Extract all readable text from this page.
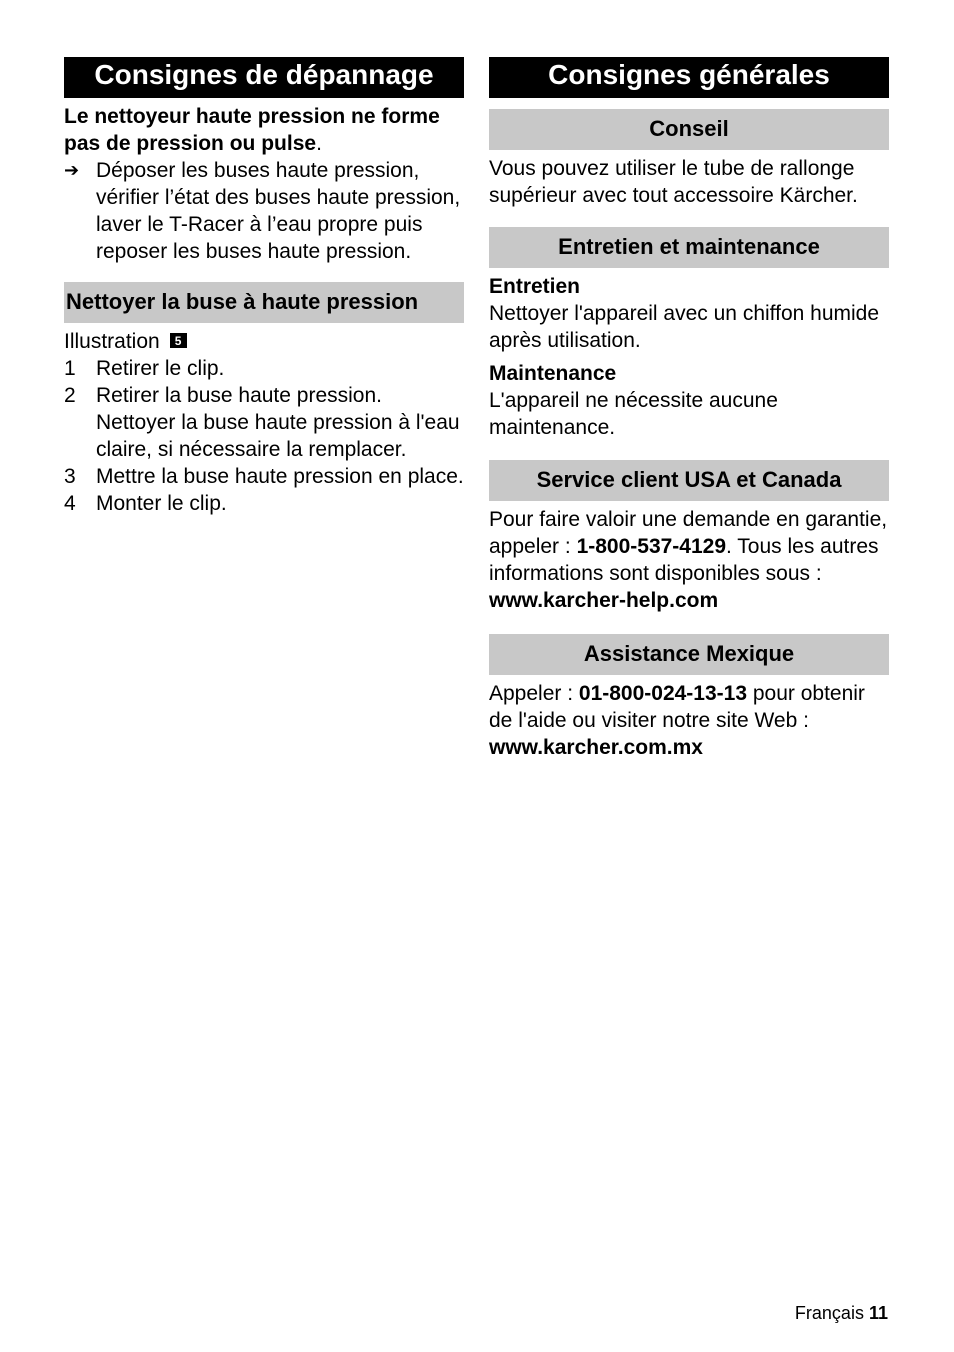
Consignes de dépannage

Le nettoyeur haute pression ne forme pas de pression ou pulse.

➔ Déposer les buses haute pression, vérifier l’état des buses haute pression, laver le T-Racer à l’eau propre puis reposer les buses haute pression.
Nettoyer la buse à haute pression

Illustration 5

1 Retirer le clip.
2 Retirer la buse haute pression. Nettoyer la buse haute pression à l'eau claire, si nécessaire la remplacer.
3 Mettre la buse haute pression en place.
4 Monter le clip.
Consignes générales
Conseil

Vous pouvez utiliser le tube de rallonge supérieur avec tout accessoire Kärcher.

Entretien et maintenance

Entretien

Nettoyer l'appareil avec un chiffon humide après utilisation.

Maintenance

L'appareil ne nécessite aucune maintenance.

Service client USA et Canada

Pour faire valoir une demande en garantie, appeler : 1-800-537-4129. Tous les autres informations sont disponibles sous : www.karcher-help.com

Assistance Mexique

Appeler : 01-800-024-13-13 pour obtenir de l'aide ou visiter notre site Web : www.karcher.com.mx

Français 11
